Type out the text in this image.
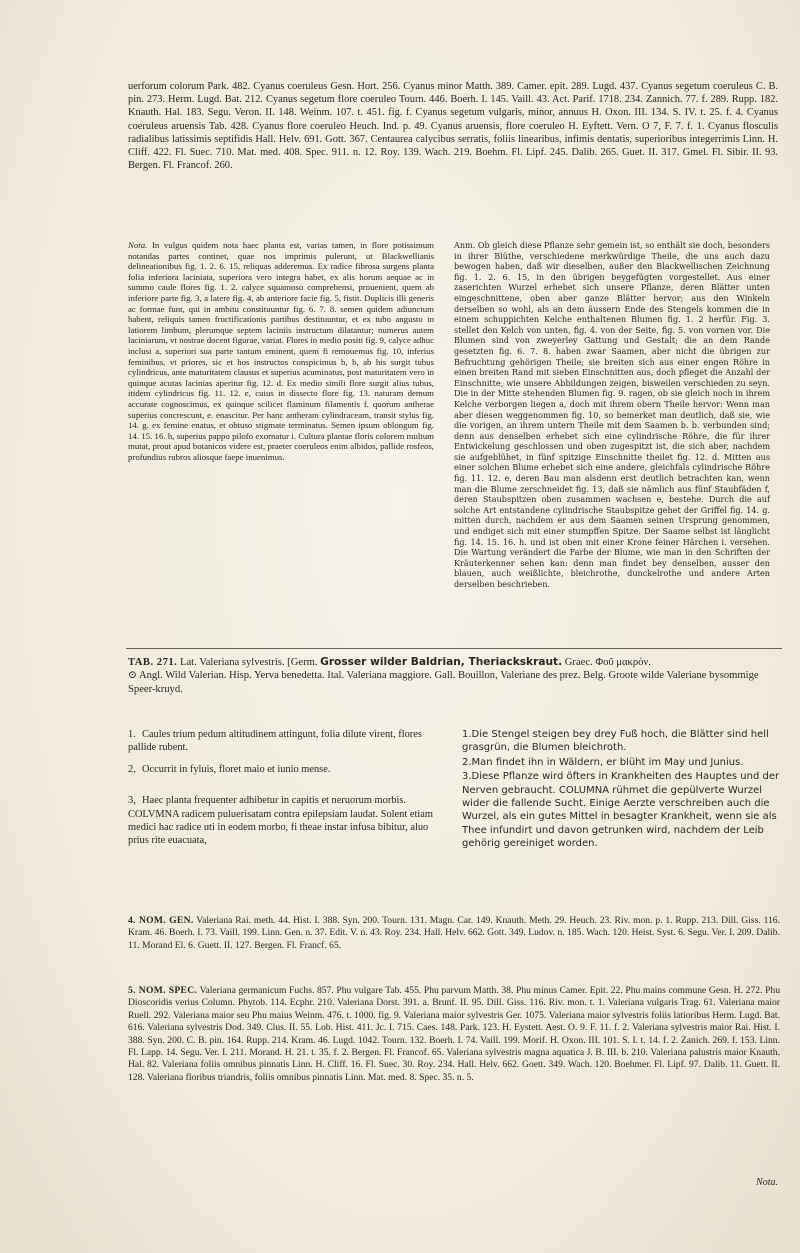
uerforum colorum Park. 482. Cyanus coeruleus Gesn. Hort. 256. Cyanus minor Matth. 389. Camer. epit. 289. Lugd. 437. Cyanus segetum coeruleus C. B. pin. 273. Herm. Lugd. Bat. 212. Cyanus segetum flore coeruleo Tourn. 446. Boerh. I. 145. Vaill. 43. Act. Parif. 1718. 234. Zannich. 77. f. 289. Rupp. 182. Knauth. Hal. 183. Segu. Veron. II. 148. Weinm. 107. t. 451. fig. f. Cyanus segetum vulgaris, minor, annuus H. Oxon. III. 134. S. IV. t. 25. f. 4. Cyanus coeruleus aruensis Tab. 428. Cyanus flore coeruleo Heuch. Ind. p. 49. Cyanus aruensis, flore coeruleo H. Eyftett. Vern. O 7, F. 7. f. 1. Cyanus flosculis radialibus latissimis septifidis Hall. Helv. 691. Gott. 367. Centaurea calycibus serratis, foliis linearibus, infimis dentatis, superioribus integerrimis Linn. H. Cliff. 422. Fl. Suec. 710. Mat. med. 408. Spec. 911. n. 12. Roy. 139. Wach. 219. Boehm. Fl. Lipf. 245. Dalib. 265. Guet. II. 317. Gmel. Fl. Sibir. II. 93. Bergen. Fl. Francof. 260.

Nota. In vulgus quidem nota haec planta est, varias tamen, in flore potissimum notandas partes continet, quae nos imprimis pulerunt, ut Blackwellianis delineationibus fig. 1. 2. 6. 15, reliquas adderemus. Ex radice fibrosa surgens planta folia inferiora laciniata, superiora vero integra habet, ex alis horum aequae ac in summo caule flores fig. 1. 2. calyce squamoso comprehensi, prouenient, quem ab inferiore parte fig. 3, a latere fig. 4, ab anteriore facie fig. 5, fistit. Duplicis illi generis ac formae funt, qui in ambitu constituuntur fig. 6. 7. 8. semen quidem adiunctum habent, reliquis tamen fructificationis partibus destituuntur, et ex tubo angusto in latiorem limbum, plerumque septem laciniis instructum dilatantur; numerus autem laciniarum, vt nostrae docent figurae, variat. Flores in medio positi fig. 9, calyce adhuc inclusi a, superiori sua parte tantum eminent, quem fi remouemus fig. 10, inferius feminibus, vt priores, sic et hos instructos conspicimus b, b, ab his surgit tubus cylindricus, ante maturitatem clausus et superius acuminatus, post maturitatem vero in quinque acutas lacinias aperitur fig. 12. d. Ex medio simili flore surgit alius tubus, itidem cylindricus fig. 11. 12. e, cuius in dissecto flore fig. 13. naturam demum accurate cognoscimus, ex quinque scilicet flaminum filamentis f. quorum antherae superius concrescunt, e. enascitur. Per hanc antheram cylindraceam, transit stylus fig. 14. g. ex femine enatus, et obtuso stigmate terminatus. Semen ipsum oblongum fig. 14. 15. 16. h, superius pappo pilofo exornatur i. Cultura plantae floris colorem multum mutat, prout apud botanicos videre est, praeter coeruleos enim albidos, pallide rosfeos, profundius rubros aliosque faepe inuenimus.
Anm. Ob gleich diese Pflanze sehr gemein ist, so enthält sie doch, besonders in ihrer Blüthe, verschiedene merkwürdige Theile, die uns auch dazu bewogen haben, daß wir dieselben, außer den Blackwellischen Zeichnung fig. 1. 2. 6. 15, in den übrigen beygefügten vorgestellet. Aus einer zaserichten Wurzel erhebet sich unsere Pflanze, deren Blätter unten eingeschnittene, oben aber ganze Blätter hervor; aus den Winkeln derselben so wohl, als an dem äussern Ende des Stengels kommen die in einem schuppichten Kelche enthaltenen Blumen fig. 1. 2 herfür. Fig. 3. stellet den Kelch von unten, fig. 4. von der Seite, fig. 5. von vornen vor. Die Blumen sind von zweyerley Gattung und Gestalt; die an dem Rande gesetzten fig. 6. 7. 8. haben zwar Saamen, aber nicht die übrigen zur Befruchtung gehörigen Theile; sie breiten sich aus einer engen Röhre in einen breiten Rand mit sieben Einschnitten aus, doch pfleget die Anzahl der Einschnitte, wie unsere Abbildungen zeigen, bisweilen verschieden zu seyn. Die in der Mitte stehenden Blumen fig. 9. ragen, ob sie gleich noch in ihrem Kelche verborgen liegen a, doch mit ihrem obern Theile hervor: Wenn man aber diesen weggenommen fig. 10, so bemerket man deutlich, daß sie, wie die vorigen, an ihrem untern Theile mit dem Saamen b. b. verbunden sind; denn aus denselben erhebet sich eine cylindrische Röhre, die für ihrer Entwickelung geschlossen und oben zugespitzt ist, die sich aber, nachdem sie aufgeblühet, in fünf spitzige Einschnitte theilet fig. 12. d. Mitten aus einer solchen Blume erhebet sich eine andere, gleichfals cylindrische Röhre fig. 11. 12. e, deren Bau man alsdenn erst deutlich betrachten kan, wenn man die Blume zerschneidet fig. 13, daß sie nämlich aus fünf Staubfäden f, deren Staubspitzen oben zusammen wachsen e, bestehe. Durch die auf solche Art entstandene cylindrische Staubspitze gehet der Griffel fig. 14. g. mitten durch, nachdem er aus dem Saamen seinen Ursprung genommen, und endiget sich mit einer stumpffen Spitze. Der Saame selbst ist länglicht fig. 14. 15. 16. h. und ist oben mit einer Krone feiner Härchen i. versehen. Die Wartung verändert die Farbe der Blume, wie man in den Schriften der Kräuterkenner sehen kan: denn man findet bey denselben, ausser den blauen, auch weißlichte, bleichrothe, dunckelrothe und andere Arten derselben beschrieben.
TAB. 271. Lat. Valeriana sylvestris. [Germ. Grosser wilder Baldrian, Theriackskraut. Graec. Φοῦ μακρόν.
⊙ Angl. Wild Valerian. Hisp. Yerva benedetta. Ital. Valeriana maggiore. Gall. Bouillon, Valeriane des prez. Belg. Groote wilde Valeriane bysommige Speer-kruyd.

1. Caules trium pedum altitudinem attingunt, folia dilute virent, flores pallide rubent.

2, Occurrit in fyluis, floret maio et iunio mense.

3, Haec planta frequenter adhibetur in capitis et neruorum morbis. COLVMNA radicem puluerisatam contra epilepsiam laudat. Solent etiam medici hac radice uti in eodem morbo, fi theae instar infusa bibitur, aluo prius rite euacuata,

1.Die Stengel steigen bey drey Fuß hoch, die Blätter sind hell grasgrün, die Blumen bleichroth.

2.Man findet ihn in Wäldern, er blüht im May und Junius.

3.Diese Pflanze wird öfters in Krankheiten des Hauptes und der Nerven gebraucht. COLUMNA rühmet die gepülverte Wurzel wider die fallende Sucht. Einige Aerzte verschreiben auch die Wurzel, als ein gutes Mittel in besagter Krankheit, wenn sie als Thee infundirt und davon getrunken wird, nachdem der Leib gehörig gereiniget worden.

4. NOM. GEN. Valeriana Rai. meth. 44. Hist. I. 388. Syn. 200. Tourn. 131. Magn. Car. 149. Knauth. Meth. 29. Heuch. 23. Riv. mon. p. 1. Rupp. 213. Dill. Giss. 116. Kram. 46. Boerh. I. 73. Vaill. 199. Linn. Gen. n. 37. Edit. V. n. 43. Roy. 234. Hall. Helv. 662. Gott. 349. Ludov. n. 185. Wach. 120. Heist. Syst. 6. Segu. Ver. I. 209. Dalib. 11. Morand El. 6. Guett. II. 127. Bergen. Fl. Francf. 65.

5. NOM. SPEC. Valeriana germanicum Fuchs. 857. Phu vulgare Tab. 455. Phu parvum Matth. 38. Phu minus Camer. Epit. 22. Phu mains commune Gesn. H. 272. Phu Dioscoridis verius Column. Phytob. 114. Ecphr. 210. Valeriana Dorst. 391. a. Brunf. II. 95. Dill. Giss. 116. Riv. mon. t. 1. Valeriana vulgaris Trag. 61. Valeriana maior Ruell. 292. Valeriana maior seu Phu maius Weinm. 476. t. 1000. fig. 9. Valeriana maior sylvestris Ger. 1075. Valeriana maior sylvestris foliis latioribus Herm. Lugd. Bat. 616. Valeriana sylvestris Dod. 349. Clus. II. 55. Lob. Hist. 411. Jc. I. 715. Caes. 148. Park. 123. H. Eystett. Aest. O. 9. F. 11. f. 2. Valeriana sylvestris maior Rai. Hist. I. 388. Syn. 200. C. B. pin. 164. Rupp. 214. Kram. 46. Lugd. 1042. Tourn. 132. Boerh. I. 74. Vaill. 199. Morif. H. Oxon. III. 101. S. I. t. 14. f. 2. Zanich. 269. f. 153. Linn. Fl. Lapp. 14. Segu. Ver. I. 211. Morand. H. 21. t. 35. f. 2. Bergen. Fl. Francof. 65. Valeriana sylvestris magna aquatica J. B. III. b. 210. Valeriana palustris maior Knauth. Hal. 82. Valeriana foliis omnibus pinnatis Linn. H. Cliff. 16. Fl. Suec. 30. Roy. 234. Hall. Helv. 662. Goett. 349. Wach. 120. Boehmer. Fl. Lipf. 97. Dalib. 11. Guett. II. 128. Valeriana floribus triandris, foliis omnibus pinnatis Linn. Mat. med. 8. Spec. 35. n. 5.

Nota.
